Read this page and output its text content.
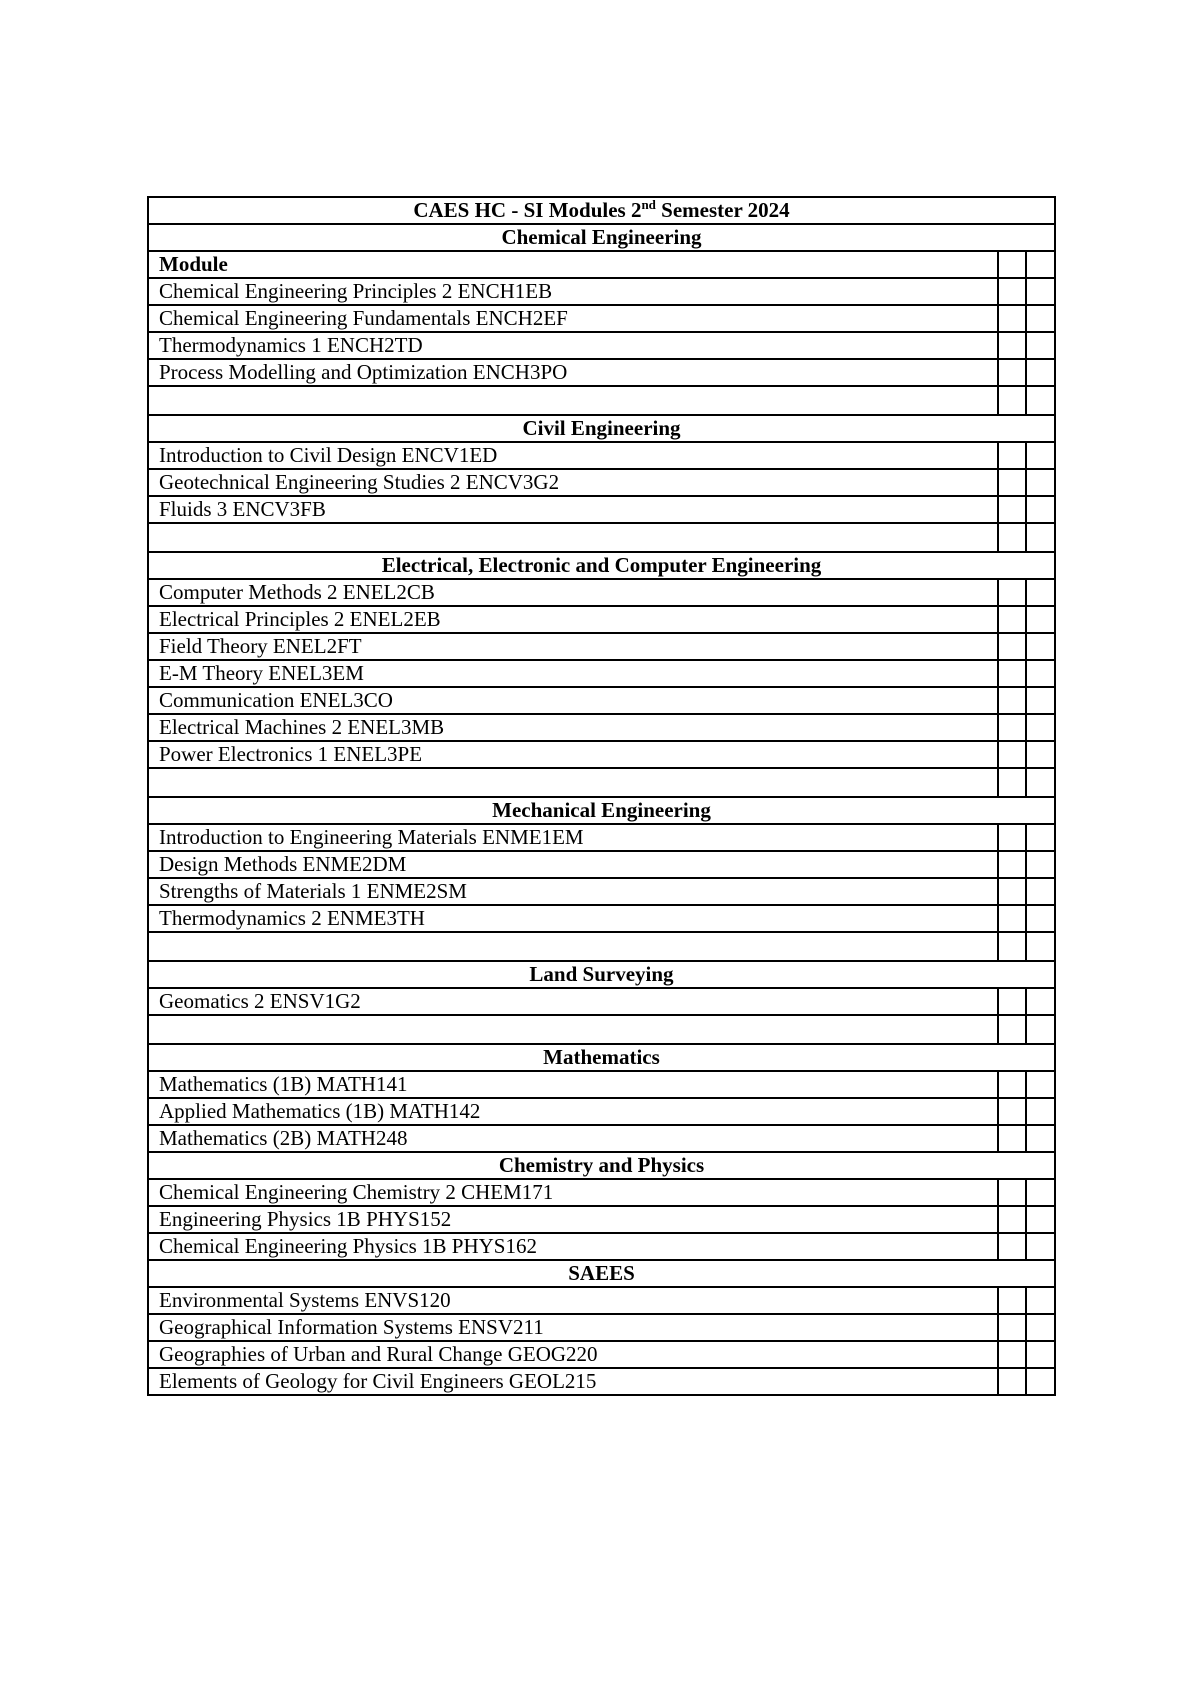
CAES HC - SI Modules 2nd Semester 2024		
Chemical Engineering		
Module		
Chemical Engineering Principles 2 ENCH1EB		
Chemical Engineering Fundamentals ENCH2EF		
Thermodynamics 1 ENCH2TD		
Process Modelling and Optimization ENCH3PO		

Civil Engineering		
Introduction to Civil Design ENCV1ED		
Geotechnical Engineering Studies 2 ENCV3G2		
Fluids 3 ENCV3FB		

Electrical, Electronic and Computer Engineering		
Computer Methods 2 ENEL2CB		
Electrical Principles 2 ENEL2EB		
Field Theory ENEL2FT		
E-M Theory ENEL3EM		
Communication ENEL3CO		
Electrical Machines 2 ENEL3MB		
Power Electronics 1 ENEL3PE		

Mechanical Engineering		
Introduction to Engineering Materials ENME1EM		
Design Methods ENME2DM		
Strengths of Materials 1 ENME2SM		
Thermodynamics 2 ENME3TH		

Land Surveying		
Geomatics 2 ENSV1G2		

Mathematics		
Mathematics (1B) MATH141		
Applied Mathematics (1B) MATH142		
Mathematics (2B) MATH248		
Chemistry and Physics		
Chemical Engineering Chemistry 2 CHEM171		
Engineering Physics 1B PHYS152		
Chemical Engineering Physics 1B PHYS162		
SAEES		
Environmental Systems ENVS120		
Geographical Information Systems ENSV211		
Geographies of Urban and Rural Change GEOG220		
Elements of Geology for Civil Engineers GEOL215		
